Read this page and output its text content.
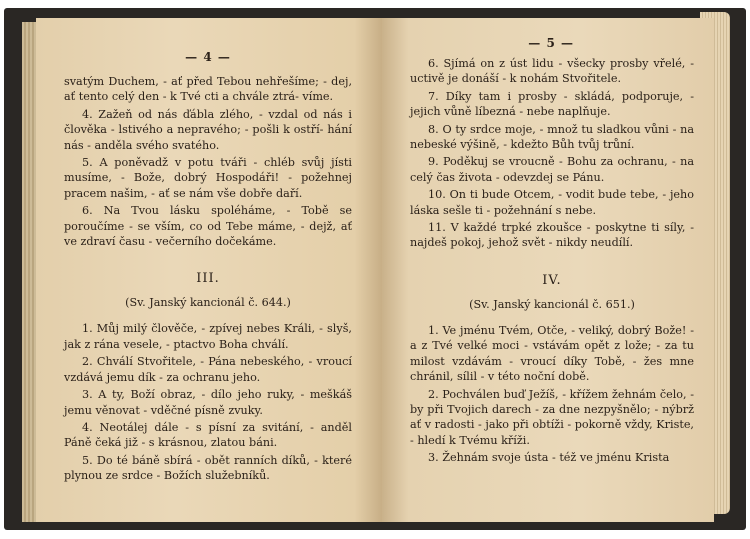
— 4 —

svatým Duchem, - ať před Tebou nehřešíme; - dej, ať tento celý den - k Tvé cti a chvále ztrá- víme.

4. Zažeň od nás ďábla zlého, - vzdal od nás i člověka - lstivého a nepravého; - pošli k ostří- hání nás - anděla svého svatého.

5. A poněvadž v potu tváři - chléb svůj jísti musíme, - Bože, dobrý Hospodáři! - požehnej pracem našim, - ať se nám vše dobře daří.

6. Na Tvou lásku spoléháme, - Tobě se poroučíme - se vším, co od Tebe máme, - dejž, ať ve zdraví času - večerního dočekáme.

III.
(Sv. Janský kancionál č. 644.)

1. Můj milý člověče, - zpívej nebes Králi, - slyš, jak z rána vesele, - ptactvo Boha chválí.

2. Chválí Stvořitele, - Pána nebeského, - vroucí vzdává jemu dík - za ochranu jeho.

3. A ty, Boží obraz, - dílo jeho ruky, - meškáš jemu věnovat - vděčné písně zvuky.

4. Neotálej dále - s písní za svitání, - anděl Páně čeká již - s krásnou, zlatou báni.

5. Do té báně sbírá - obět ranních díků, - které plynou ze srdce - Božích služebníků.

— 5 —

6. Sjímá on z úst lidu - všecky prosby vřelé, - uctivě je donáší - k nohám Stvořitele.

7. Díky tam i prosby - skládá, podporuje, - jejich vůně líbezná - nebe naplňuje.

8. O ty srdce moje, - množ tu sladkou vůni - na nebeské výšině, - kdežto Bůh tvůj trůní.

9. Poděkuj se vroucně - Bohu za ochranu, - na celý čas života - odevzdej se Pánu.

10. On ti bude Otcem, - vodit bude tebe, - jeho láska sešle ti - požehnání s nebe.

11. V každé trpké zkoušce - poskytne ti síly, - najdeš pokoj, jehož svět - nikdy neudílí.

IV.
(Sv. Janský kancionál č. 651.)

1. Ve jménu Tvém, Otče, - veliký, dobrý Bože! - a z Tvé velké moci - vstávám opět z lože; - za tu milost vzdávám - vroucí díky Tobě, - žes mne chránil, sílil - v této noční době.

2. Pochválen buď Ježíš, - křížem žehnám čelo, - by při Tvojich darech - za dne nezpyšnělo; - nýbrž ať v radosti - jako při obtíži - pokorně vždy, Kriste, - hledí k Tvému kříži.

3. Žehnám svoje ústa - též ve jménu Krista
